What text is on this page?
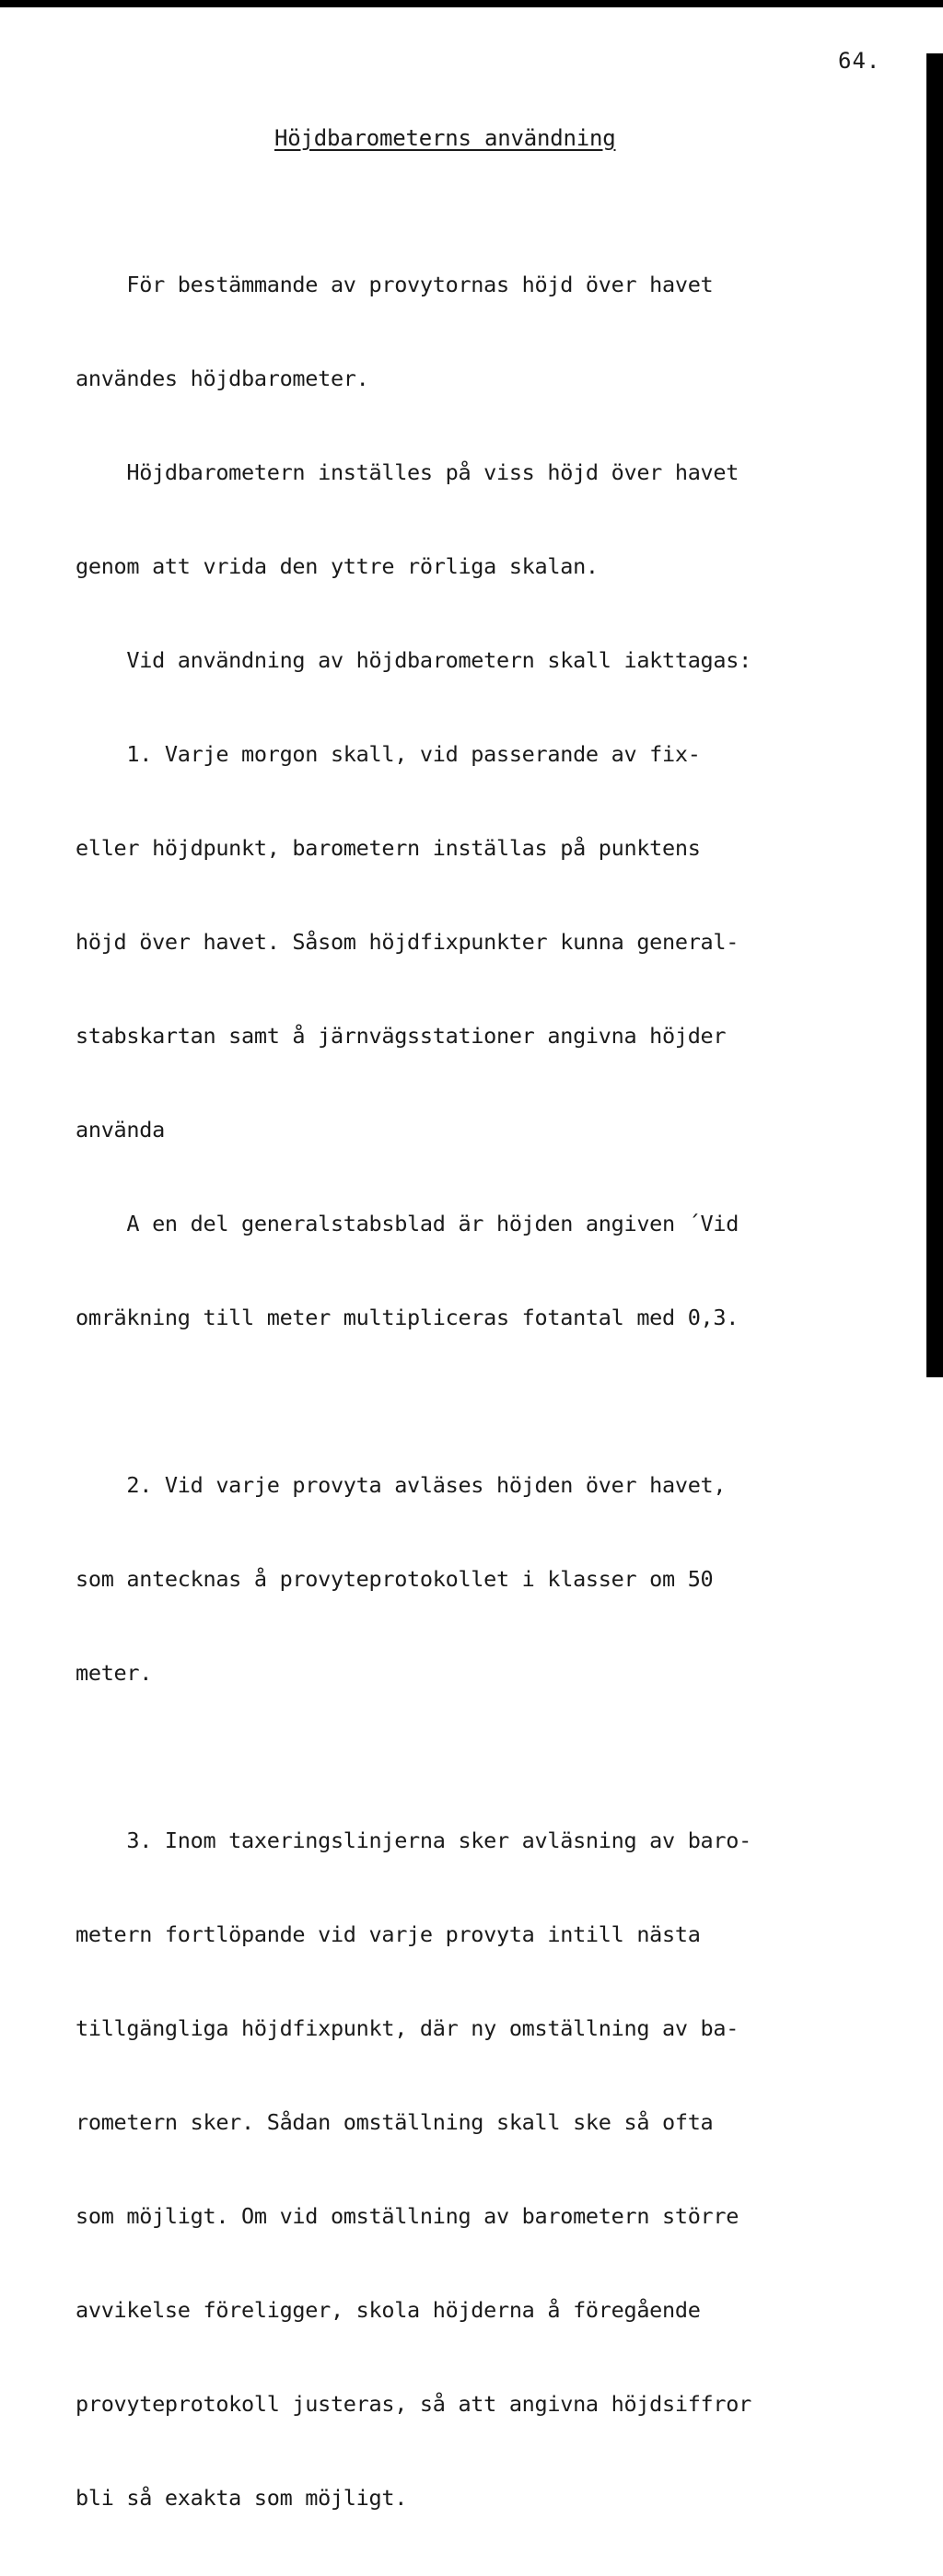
64.
Höjdbarometerns användning

För bestämmande av provytornas höjd över havet

användes höjdbarometer.

Höjdbarometern inställes på viss höjd över havet

genom att vrida den yttre rörliga skalan.

Vid användning av höjdbarometern skall iakttagas:

1. Varje morgon skall, vid passerande av fix-

eller höjdpunkt, barometern inställas på punktens

höjd över havet. Såsom höjdfixpunkter kunna general-

stabskartan samt å järnvägsstationer angivna höjder

använda

A en del generalstabsblad är höjden angiven ´Vid

omräkning till meter multipliceras fotantal med 0,3.

2. Vid varje provyta avläses höjden över havet,

som antecknas å provyteprotokollet i klasser om 50

meter.

3. Inom taxeringslinjerna sker avläsning av baro-

metern fortlöpande vid varje provyta intill nästa

tillgängliga höjdfixpunkt, där ny omställning av ba-

rometern sker. Sådan omställning skall ske så ofta

som möjligt. Om vid omställning av barometern större

avvikelse föreligger, skola höjderna å föregående

provyteprotokoll justeras, så att angivna höjdsiffror

bli så exakta som möjligt.
